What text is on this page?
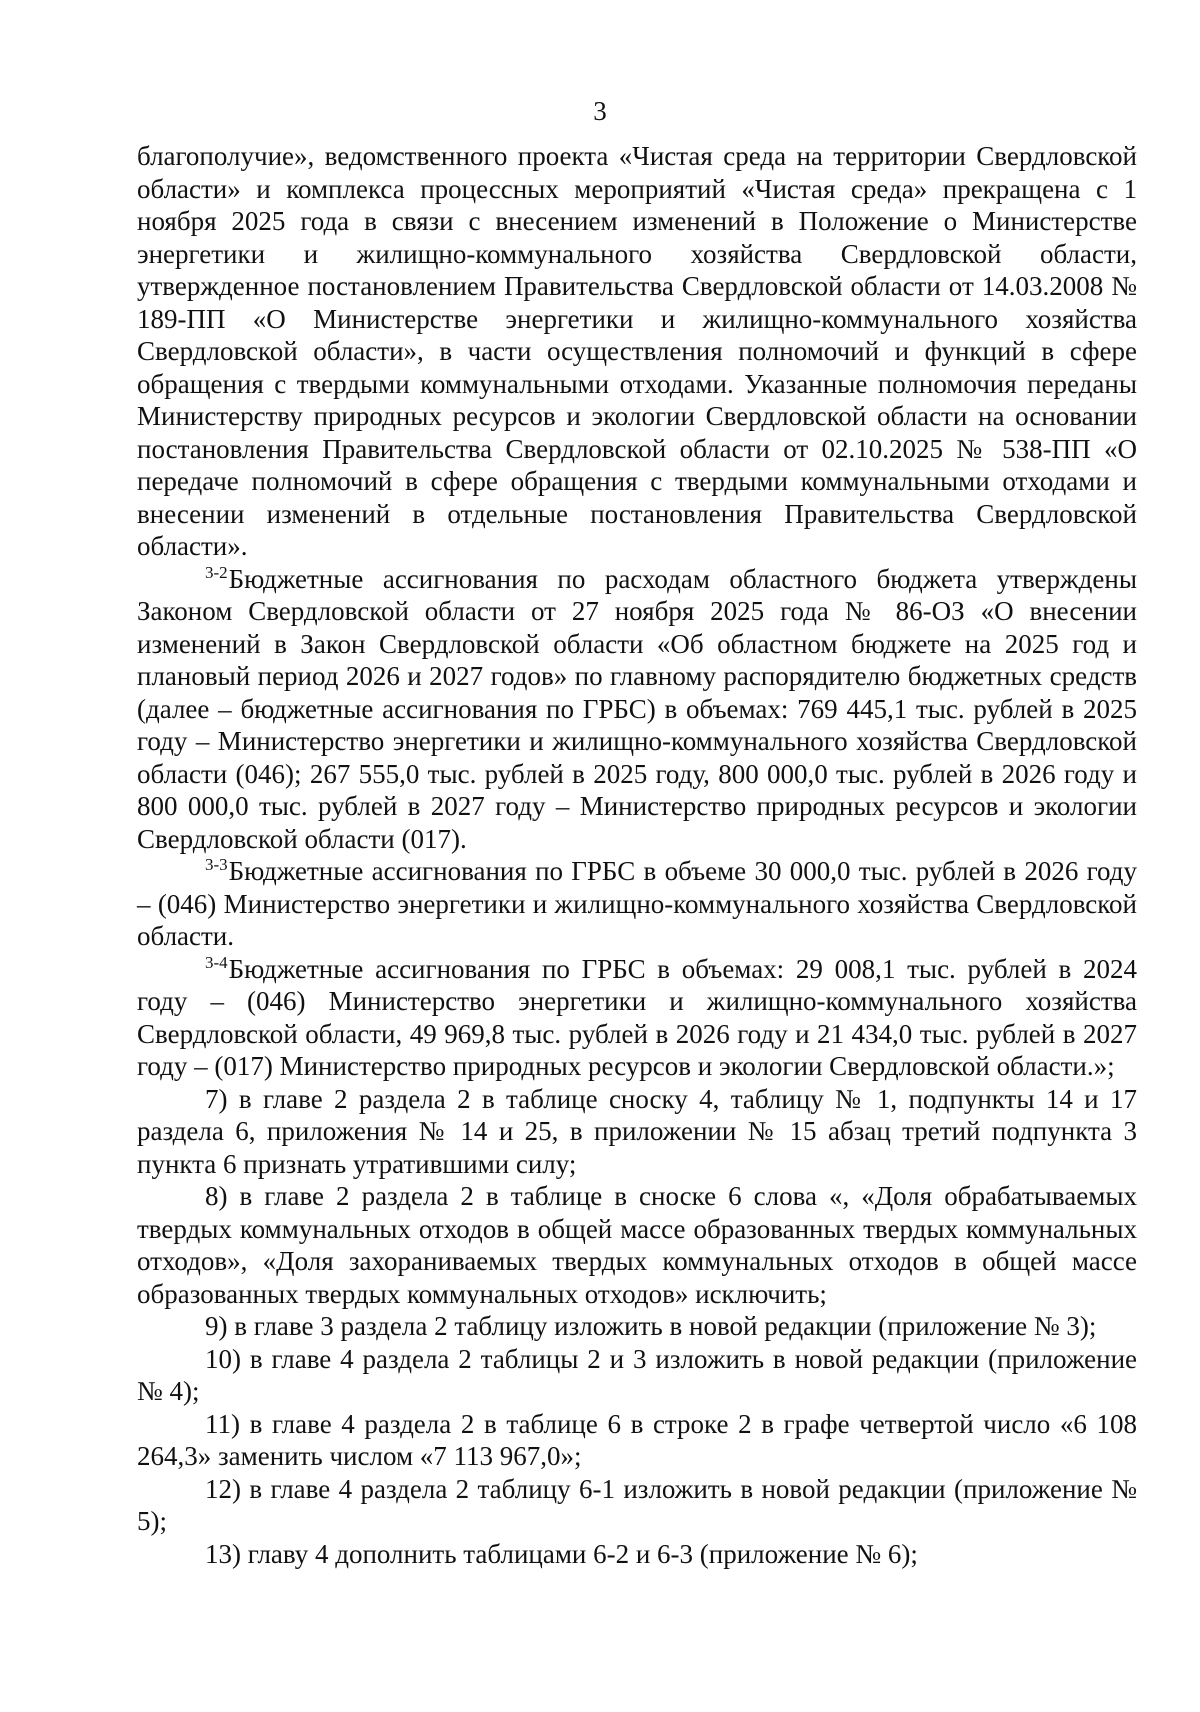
3

благополучие», ведомственного проекта «Чистая среда на территории Свердловской области» и комплекса процессных мероприятий «Чистая среда» прекращена с 1 ноября 2025 года в связи с внесением изменений в Положение о Министерстве энергетики и жилищно-коммунального хозяйства Свердловской области, утвержденное постановлением Правительства Свердловской области от 14.03.2008 № 189-ПП «О Министерстве энергетики и жилищно-коммунального хозяйства Свердловской области», в части осуществления полномочий и функций в сфере обращения с твердыми коммунальными отходами. Указанные полномочия переданы Министерству природных ресурсов и экологии Свердловской области на основании постановления Правительства Свердловской области от 02.10.2025 № 538-ПП «О передаче полномочий в сфере обращения с твердыми коммунальными отходами и внесении изменений в отдельные постановления Правительства Свердловской области».

$^{3-2}$Бюджетные ассигнования по расходам областного бюджета утверждены Законом Свердловской области от 27 ноября 2025 года № 86-ОЗ «О внесении изменений в Закон Свердловской области «Об областном бюджете на 2025 год и плановый период 2026 и 2027 годов» по главному распорядителю бюджетных средств (далее – бюджетные ассигнования по ГРБС) в объемах: 769 445,1 тыс. рублей в 2025 году – Министерство энергетики и жилищно-коммунального хозяйства Свердловской области (046); 267 555,0 тыс. рублей в 2025 году, 800 000,0 тыс. рублей в 2026 году и 800 000,0 тыс. рублей в 2027 году – Министерство природных ресурсов и экологии Свердловской области (017).

$^{3-3}$Бюджетные ассигнования по ГРБС в объеме 30 000,0 тыс. рублей в 2026 году – (046) Министерство энергетики и жилищно-коммунального хозяйства Свердловской области.

$^{3-4}$Бюджетные ассигнования по ГРБС в объемах: 29 008,1 тыс. рублей в 2024 году – (046) Министерство энергетики и жилищно-коммунального хозяйства Свердловской области, 49 969,8 тыс. рублей в 2026 году и 21 434,0 тыс. рублей в 2027 году – (017) Министерство природных ресурсов и экологии Свердловской области.»;

7) в главе 2 раздела 2 в таблице сноску 4, таблицу № 1, подпункты 14 и 17 раздела 6, приложения № 14 и 25, в приложении № 15 абзац третий подпункта 3 пункта 6 признать утратившими силу;

8) в главе 2 раздела 2 в таблице в сноске 6 слова «, «Доля обрабатываемых твердых коммунальных отходов в общей массе образованных твердых коммунальных отходов», «Доля захораниваемых твердых коммунальных отходов в общей массе образованных твердых коммунальных отходов» исключить;

9) в главе 3 раздела 2 таблицу изложить в новой редакции (приложение № 3);

10) в главе 4 раздела 2 таблицы 2 и 3 изложить в новой редакции (приложение № 4);

11) в главе 4 раздела 2 в таблице 6 в строке 2 в графе четвертой число «6 108 264,3» заменить числом «7 113 967,0»;

12) в главе 4 раздела 2 таблицу 6-1 изложить в новой редакции (приложение № 5);

13) главу 4 дополнить таблицами 6-2 и 6-3 (приложение № 6);
